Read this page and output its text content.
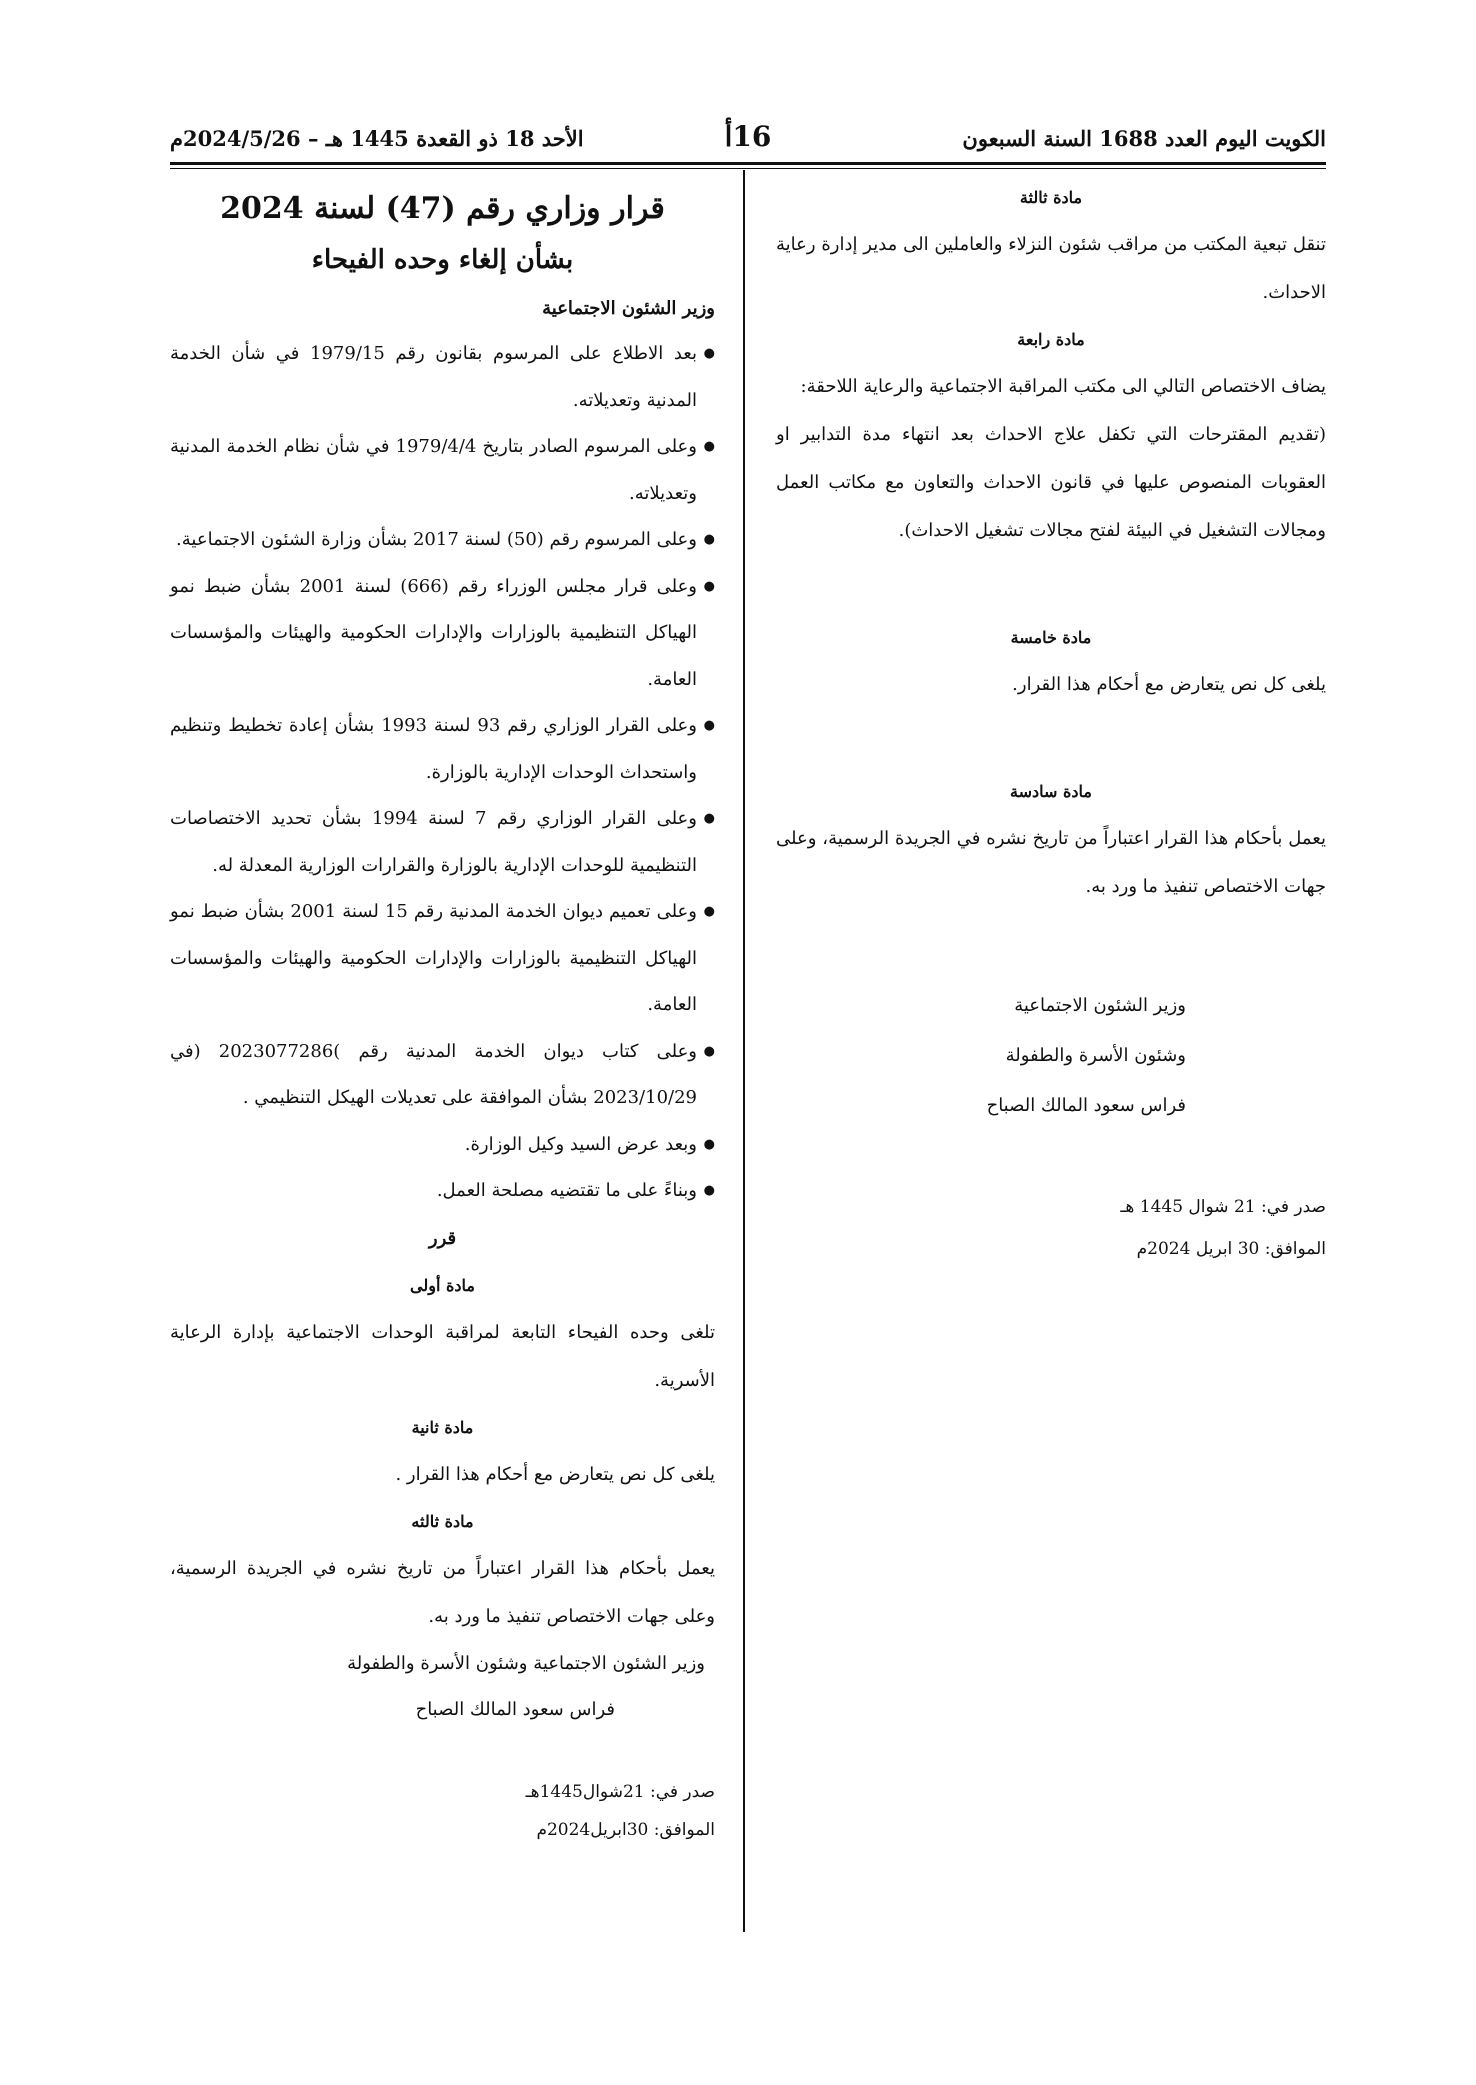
الكويت اليوم العدد 1688 السنة السبعون
16أ
الأحد 18 ذو القعدة 1445 هـ – 2024/5/26م

مادة ثالثة

تنقل تبعية المكتب من مراقب شئون النزلاء والعاملين الى مدير إدارة رعاية الاحداث.

مادة رابعة

يضاف الاختصاص التالي الى مكتب المراقبة الاجتماعية والرعاية اللاحقة:

(تقديم المقترحات التي تكفل علاج الاحداث بعد انتهاء مدة التدابير او العقوبات المنصوص عليها في قانون الاحداث والتعاون مع مكاتب العمل ومجالات التشغيل في البيئة لفتح مجالات تشغيل الاحداث).

مادة خامسة

يلغى كل نص يتعارض مع أحكام هذا القرار.

مادة سادسة

يعمل بأحكام هذا القرار اعتباراً من تاريخ نشره في الجريدة الرسمية، وعلى جهات الاختصاص تنفيذ ما ورد به.

وزير الشئون الاجتماعية

وشئون الأسرة والطفولة

فراس سعود المالك الصباح

صدر في: 21 شوال 1445 هـ

الموافق: 30 ابريل 2024م

قرار وزاري رقم (47) لسنة 2024
بشأن إلغاء وحده الفيحاء

وزير الشئون الاجتماعية

● بعد الاطلاع على المرسوم بقانون رقم 1979/15 في شأن الخدمة المدنية وتعديلاته.
● وعلى المرسوم الصادر بتاريخ 1979/4/4 في شأن نظام الخدمة المدنية وتعديلاته.
● وعلى المرسوم رقم (50) لسنة 2017 بشأن وزارة الشئون الاجتماعية.
● وعلى قرار مجلس الوزراء رقم (666) لسنة 2001 بشأن ضبط نمو الهياكل التنظيمية بالوزارات والإدارات الحكومية والهيئات والمؤسسات العامة.
● وعلى القرار الوزاري رقم 93 لسنة 1993 بشأن إعادة تخطيط وتنظيم واستحداث الوحدات الإدارية بالوزارة.
● وعلى القرار الوزاري رقم 7 لسنة 1994 بشأن تحديد الاختصاصات التنظيمية للوحدات الإدارية بالوزارة والقرارات الوزارية المعدلة له.
● وعلى تعميم ديوان الخدمة المدنية رقم 15 لسنة 2001 بشأن ضبط نمو الهياكل التنظيمية بالوزارات والإدارات الحكومية والهيئات والمؤسسات العامة.
● وعلى كتاب ديوان الخدمة المدنية رقم )2023077286 (في 2023/10/29 بشأن الموافقة على تعديلات الهيكل التنظيمي .
● وبعد عرض السيد وكيل الوزارة.
● وبناءً على ما تقتضيه مصلحة العمل.

قرر

مادة أولى

تلغى وحده الفيحاء التابعة لمراقبة الوحدات الاجتماعية بإدارة الرعاية الأسرية.

مادة ثانية

يلغى كل نص يتعارض مع أحكام هذا القرار .

مادة ثالثه

يعمل بأحكام هذا القرار اعتباراً من تاريخ نشره في الجريدة الرسمية، وعلى جهات الاختصاص تنفيذ ما ورد به.

وزير الشئون الاجتماعية وشئون الأسرة والطفولة

فراس سعود المالك الصباح

صدر في: 21شوال1445هـ

الموافق: 30ابريل2024م
